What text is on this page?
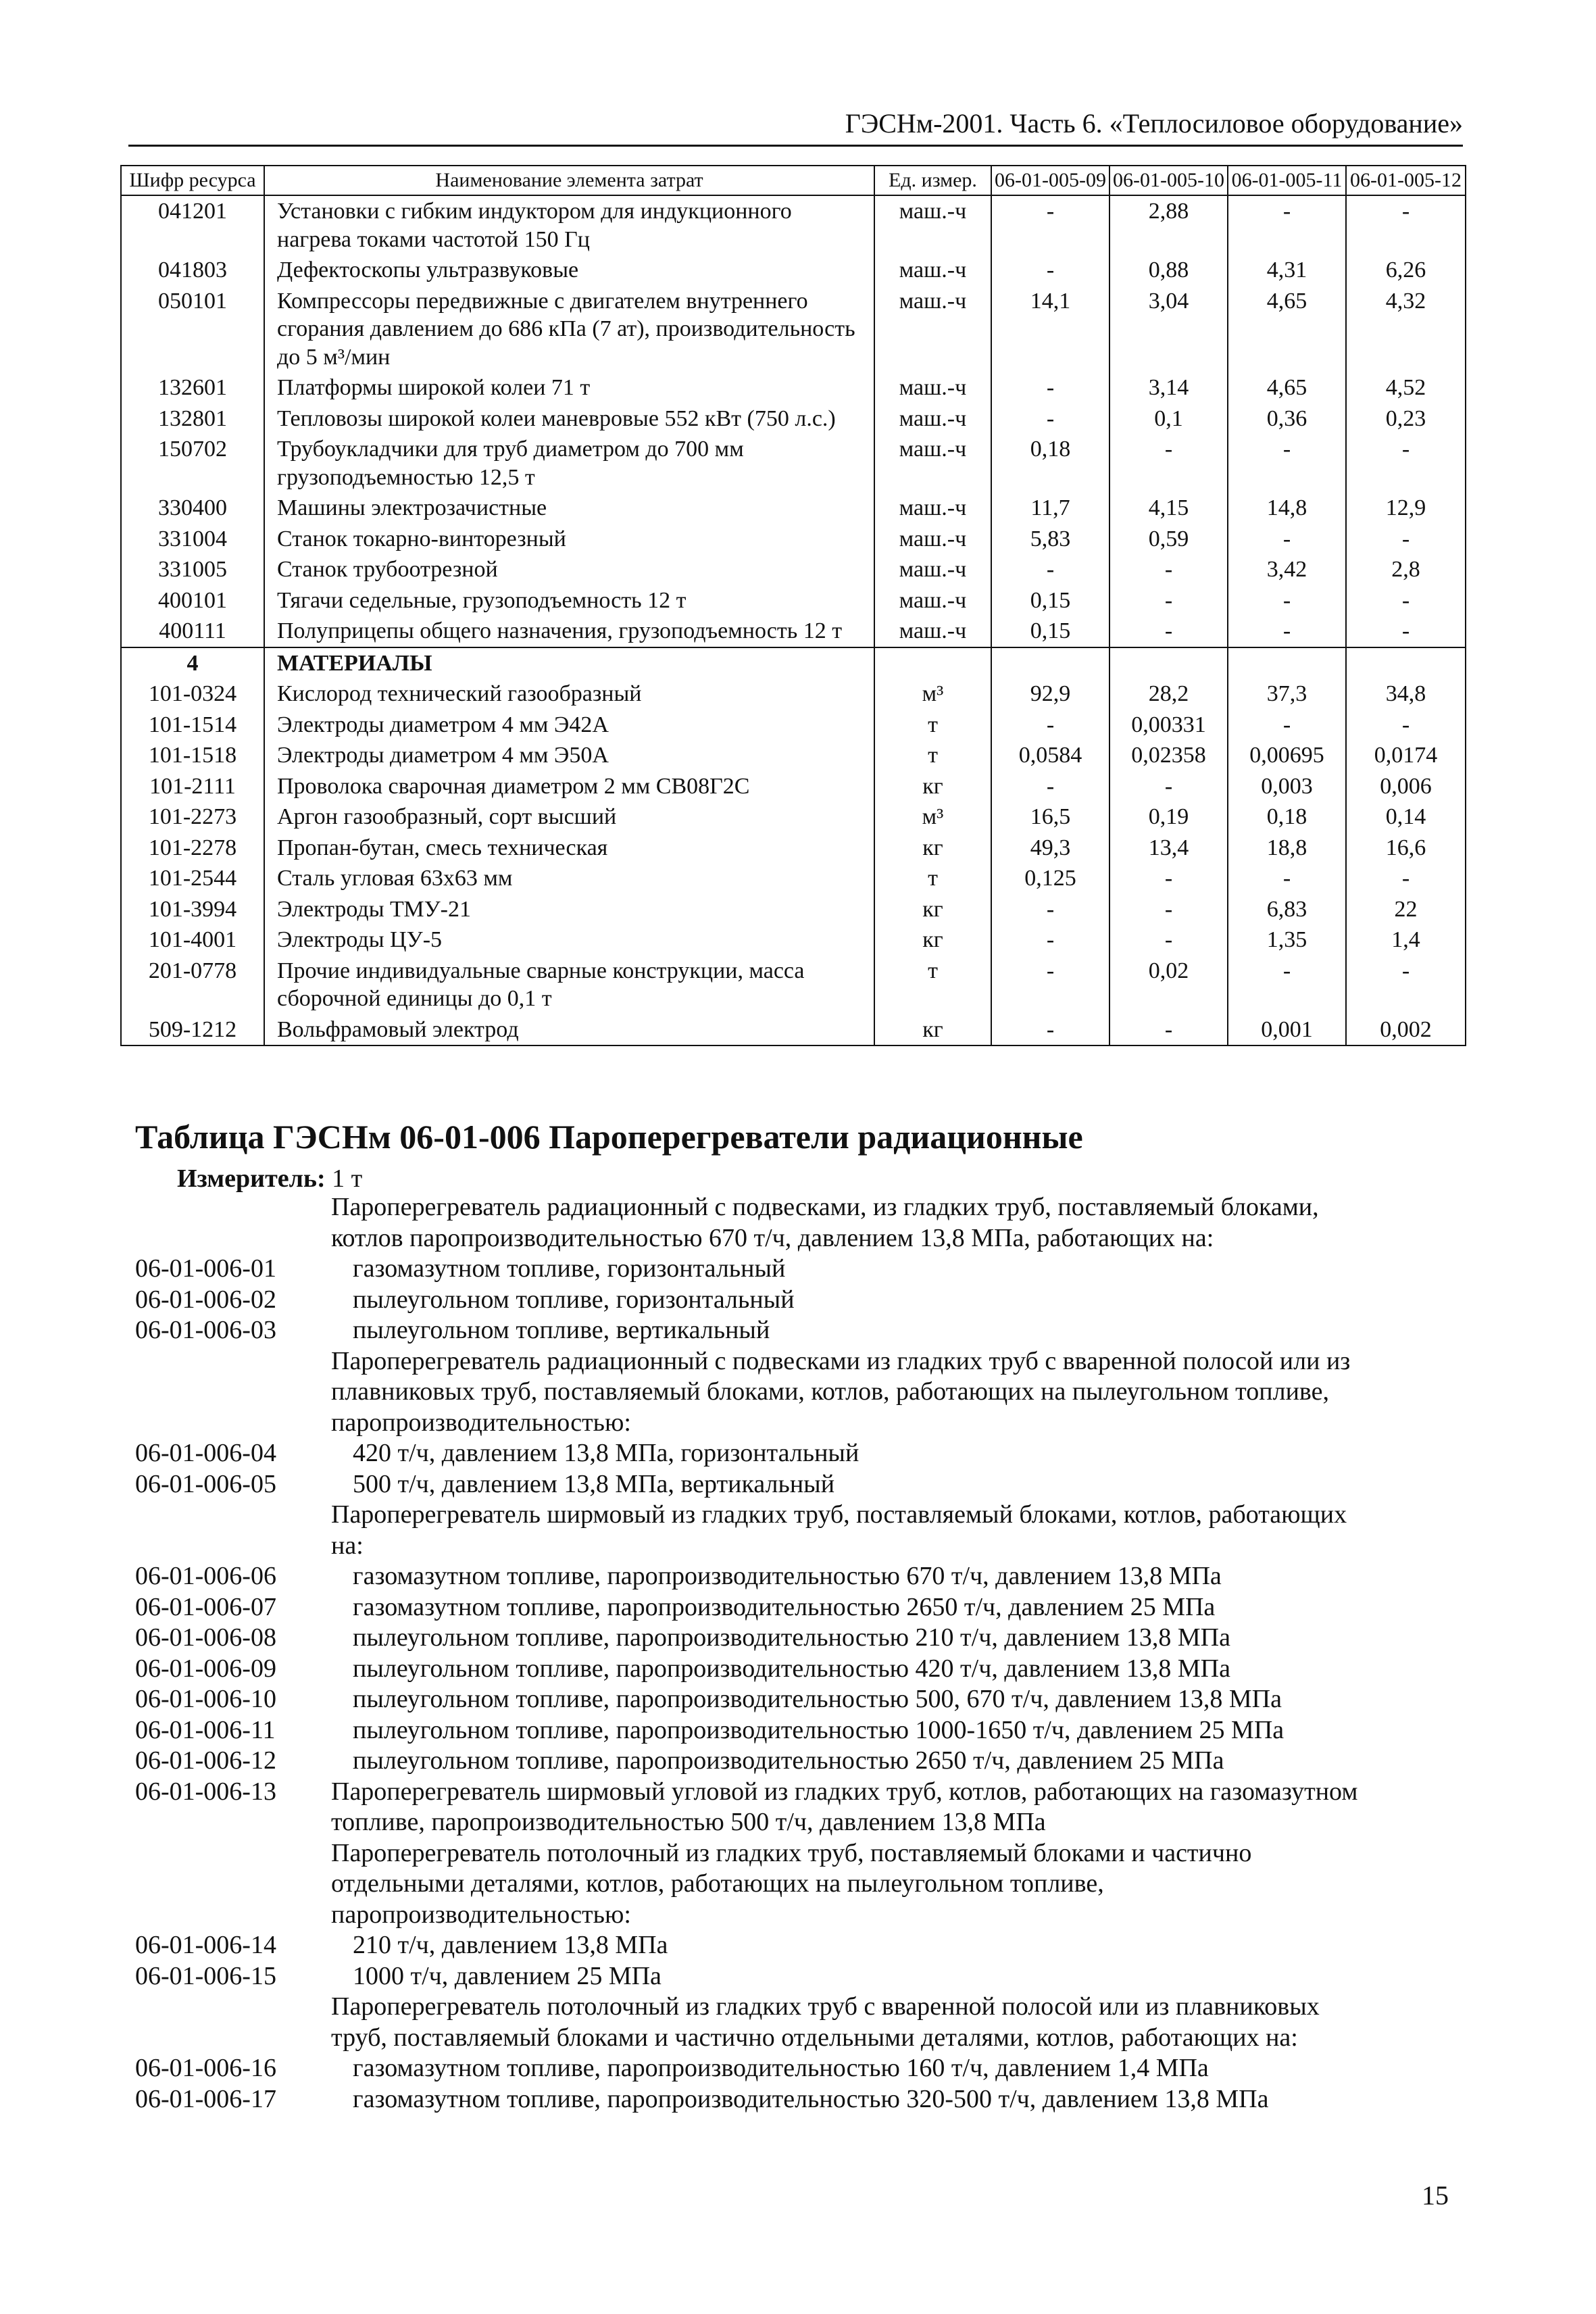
ГЭСНм-2001. Часть 6. «Теплосиловое оборудование»
Шифр ресурса	Наименование элемента затрат	Ед. измер.	06-01-005-09	06-01-005-10	06-01-005-11	06-01-005-12
041201	Установки с гибким индуктором для индукционного нагрева токами частотой 150 Гц	маш.-ч	-	2,88	-	-
041803	Дефектоскопы ультразвуковые	маш.-ч	-	0,88	4,31	6,26
050101	Компрессоры передвижные с двигателем внутреннего сгорания давлением до 686 кПа (7 ат), производительность до 5 м³/мин	маш.-ч	14,1	3,04	4,65	4,32
132601	Платформы широкой колеи 71 т	маш.-ч	-	3,14	4,65	4,52
132801	Тепловозы широкой колеи маневровые 552 кВт (750 л.с.)	маш.-ч	-	0,1	0,36	0,23
150702	Трубоукладчики для труб диаметром до 700 мм грузоподъемностью 12,5 т	маш.-ч	0,18	-	-	-
330400	Машины электрозачистные	маш.-ч	11,7	4,15	14,8	12,9
331004	Станок токарно-винторезный	маш.-ч	5,83	0,59	-	-
331005	Станок трубоотрезной	маш.-ч	-	-	3,42	2,8
400101	Тягачи седельные, грузоподъемность 12 т	маш.-ч	0,15	-	-	-
400111	Полуприцепы общего назначения, грузоподъемность 12 т	маш.-ч	0,15	-	-	-
4	МАТЕРИАЛЫ					
101-0324	Кислород технический газообразный	м³	92,9	28,2	37,3	34,8
101-1514	Электроды диаметром 4 мм Э42А	т	-	0,00331	-	-
101-1518	Электроды диаметром 4 мм Э50А	т	0,0584	0,02358	0,00695	0,0174
101-2111	Проволока сварочная диаметром 2 мм СВ08Г2С	кг	-	-	0,003	0,006
101-2273	Аргон газообразный, сорт высший	м³	16,5	0,19	0,18	0,14
101-2278	Пропан-бутан, смесь техническая	кг	49,3	13,4	18,8	16,6
101-2544	Сталь угловая 63х63 мм	т	0,125	-	-	-
101-3994	Электроды ТМУ-21	кг	-	-	6,83	22
101-4001	Электроды ЦУ-5	кг	-	-	1,35	1,4
201-0778	Прочие индивидуальные сварные конструкции, масса сборочной единицы до 0,1 т	т	-	0,02	-	-
509-1212	Вольфрамовый электрод	кг	-	-	0,001	0,002
Таблица ГЭСНм 06-01-006 Пароперегреватели радиационные
Измеритель: 1 т
Пароперегреватель радиационный с подвесками, из гладких труб, поставляемый блоками,
котлов паропроизводительностью 670 т/ч, давлением 13,8 МПа, работающих на:
06-01-006-01	газомазутном топливе, горизонтальный
06-01-006-02	пылеугольном топливе, горизонтальный
06-01-006-03	пылеугольном топливе, вертикальный
Пароперегреватель радиационный с подвесками из гладких труб с вваренной полосой или из
плавниковых труб, поставляемый блоками, котлов, работающих на пылеугольном топливе,
паропроизводительностью:
06-01-006-04	420 т/ч, давлением 13,8 МПа, горизонтальный
06-01-006-05	500 т/ч, давлением 13,8 МПа, вертикальный
Пароперегреватель ширмовый из гладких труб, поставляемый блоками, котлов, работающих
на:
06-01-006-06	газомазутном топливе, паропроизводительностью 670 т/ч, давлением 13,8 МПа
06-01-006-07	газомазутном топливе, паропроизводительностью 2650 т/ч, давлением 25 МПа
06-01-006-08	пылеугольном топливе, паропроизводительностью 210 т/ч, давлением 13,8 МПа
06-01-006-09	пылеугольном топливе, паропроизводительностью 420 т/ч, давлением 13,8 МПа
06-01-006-10	пылеугольном топливе, паропроизводительностью 500, 670 т/ч, давлением 13,8 МПа
06-01-006-11	пылеугольном топливе, паропроизводительностью 1000-1650 т/ч, давлением 25 МПа
06-01-006-12	пылеугольном топливе, паропроизводительностью 2650 т/ч, давлением 25 МПа
06-01-006-13	Пароперегреватель ширмовый угловой из гладких труб, котлов, работающих на газомазутном
топливе, паропроизводительностью 500 т/ч, давлением 13,8 МПа
Пароперегреватель потолочный из гладких труб, поставляемый блоками и частично
отдельными деталями, котлов, работающих на пылеугольном топливе,
паропроизводительностью:
06-01-006-14	210 т/ч, давлением 13,8 МПа
06-01-006-15	1000 т/ч, давлением 25 МПа
Пароперегреватель потолочный из гладких труб с вваренной полосой или из плавниковых
труб, поставляемый блоками и частично отдельными деталями, котлов, работающих на:
06-01-006-16	газомазутном топливе, паропроизводительностью 160 т/ч, давлением 1,4 МПа
06-01-006-17	газомазутном топливе, паропроизводительностью 320-500 т/ч, давлением 13,8 МПа
15
